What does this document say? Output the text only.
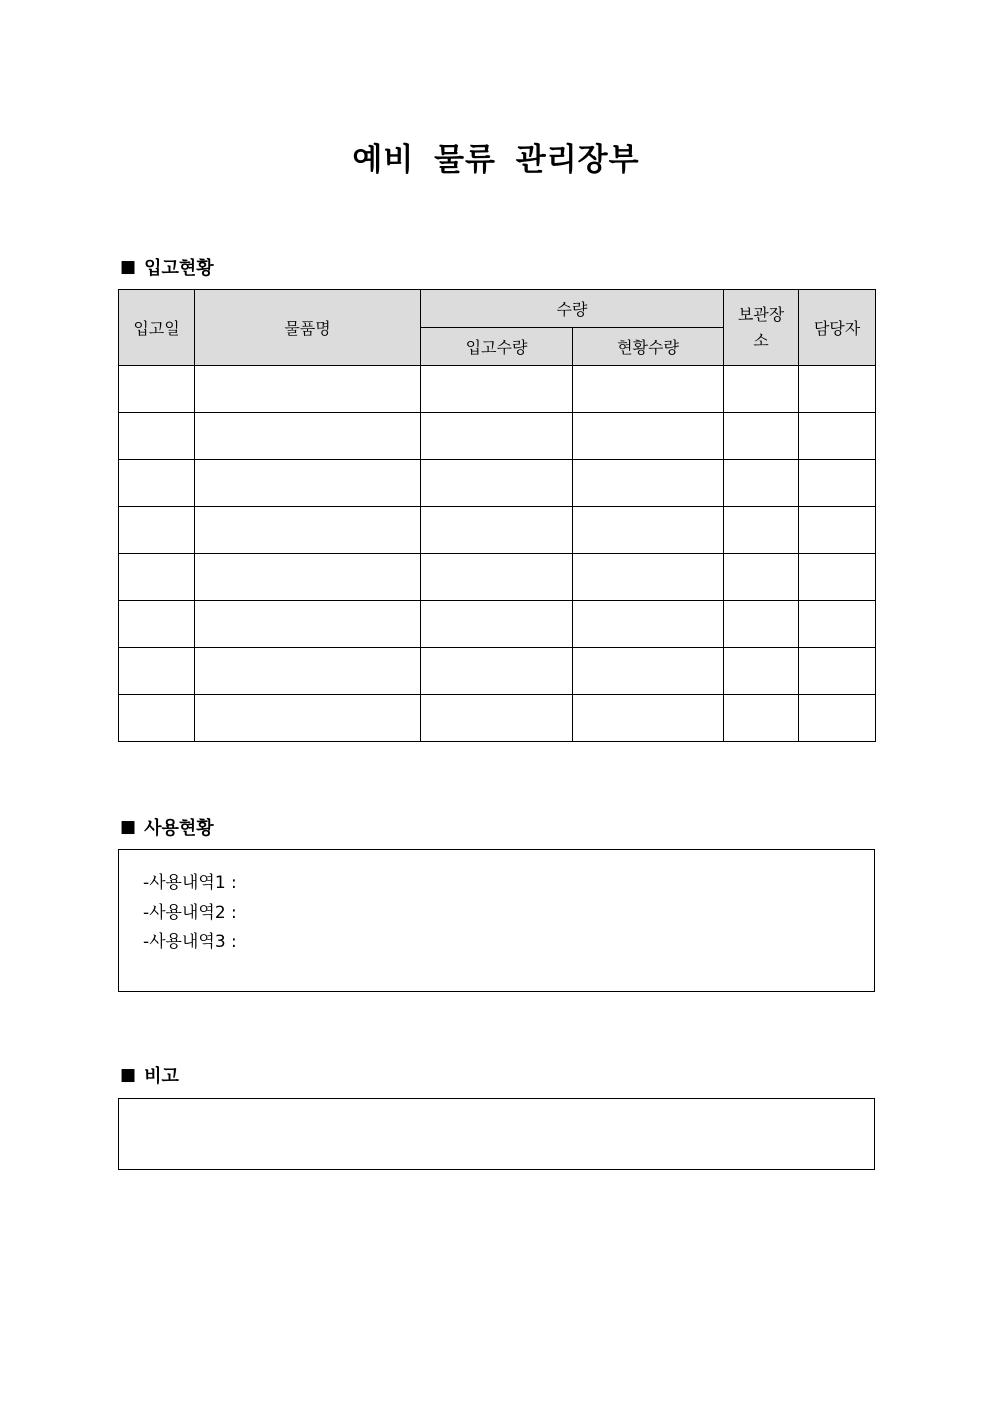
예비 물류 관리장부
■ 입고현황
입고일	물품명	수량		보관장소	담당자
		입고수량	현황수량		

■ 사용현황
-사용내역1 :
-사용내역2 :
-사용내역3 :
■ 비고
